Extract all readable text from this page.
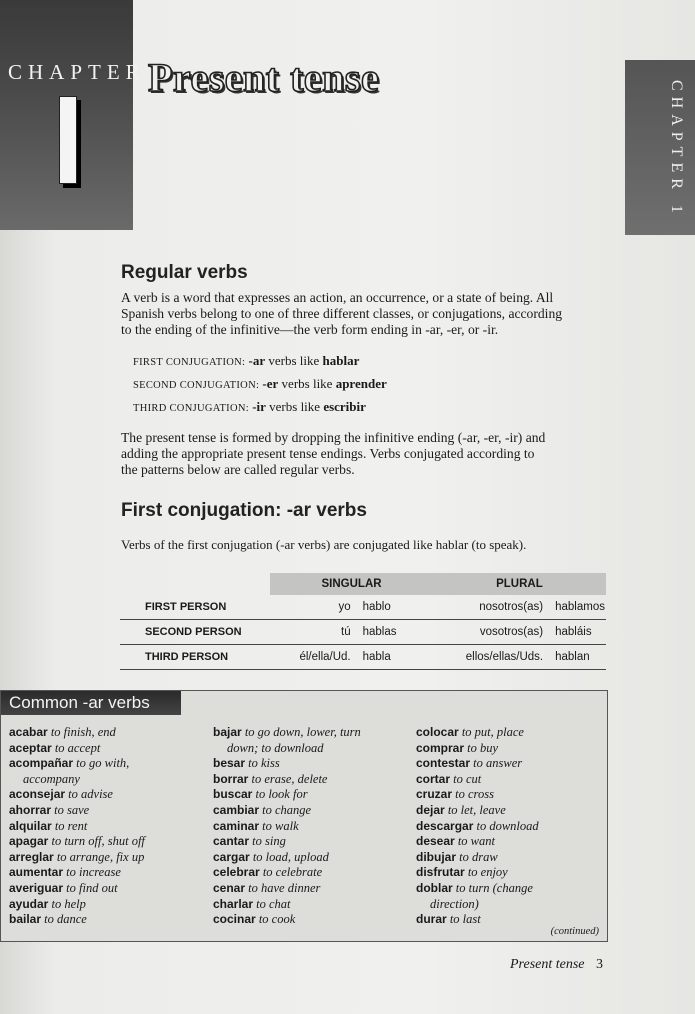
CHAPTER Present tense
CHAPTER 1
Regular verbs
A verb is a word that expresses an action, an occurrence, or a state of being. All
Spanish verbs belong to one of three different classes, or conjugations, according
to the ending of the infinitive—the verb form ending in -ar, -er, or -ir.
FIRST CONJUGATION: -ar verbs like hablar
SECOND CONJUGATION: -er verbs like aprender
THIRD CONJUGATION: -ir verbs like escribir
The present tense is formed by dropping the infinitive ending (-ar, -er, -ir) and
adding the appropriate present tense endings. Verbs conjugated according to
the patterns below are called regular verbs.
First conjugation: -ar verbs
Verbs of the first conjugation (-ar verbs) are conjugated like hablar (to speak).
	SINGULAR		PLURAL	
FIRST PERSON	yo	hablo	nosotros(as)	hablamos
SECOND PERSON	tú	hablas	vosotros(as)	habláis
THIRD PERSON	él/ella/Ud.	habla	ellos/ellas/Uds.	hablan
Common -ar verbs
acabar to finish, end
aceptar to accept
acompañar to go with,
accompany
aconsejar to advise
ahorrar to save
alquilar to rent
apagar to turn off, shut off
arreglar to arrange, fix up
aumentar to increase
averiguar to find out
ayudar to help
bailar to dance
bajar to go down, lower, turn
down; to download
besar to kiss
borrar to erase, delete
buscar to look for
cambiar to change
caminar to walk
cantar to sing
cargar to load, upload
celebrar to celebrate
cenar to have dinner
charlar to chat
cocinar to cook
colocar to put, place
comprar to buy
contestar to answer
cortar to cut
cruzar to cross
dejar to let, leave
descargar to download
desear to want
dibujar to draw
disfrutar to enjoy
doblar to turn (change
direction)
durar to last
(continued)
Present tense 3
